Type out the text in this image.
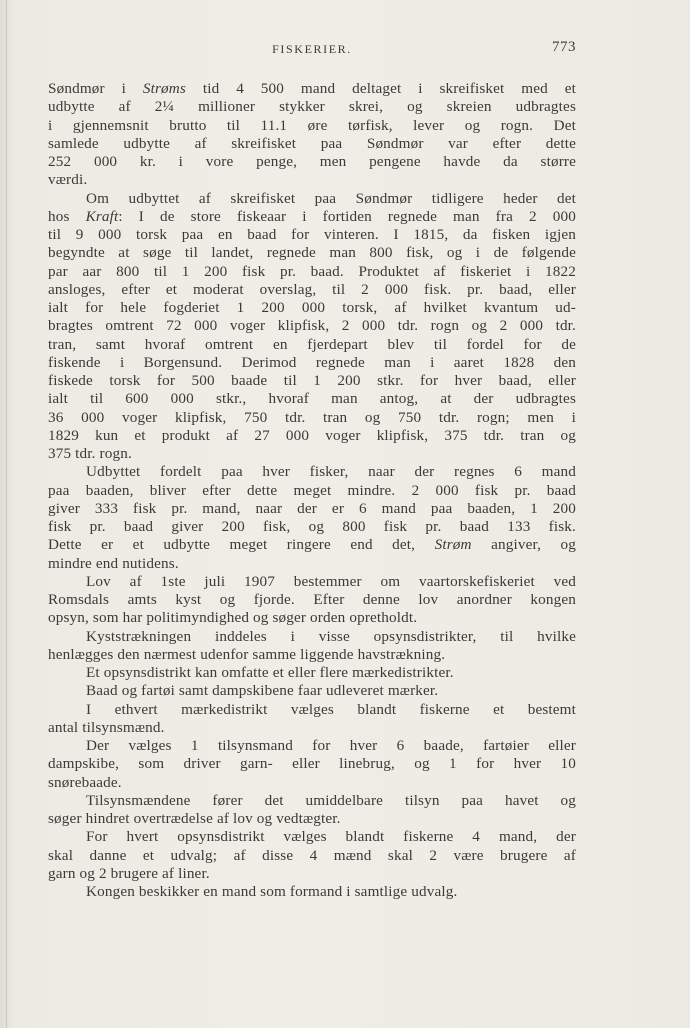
FISKERIER.	773
Søndmør i Strøms tid 4 500 mand deltaget i skreifisket med et
udbytte af 2¼ millioner stykker skrei, og skreien udbragtes
i gjennemsnit brutto til 11.1 øre tørfisk, lever og rogn. Det
samlede udbytte af skreifisket paa Søndmør var efter dette
252 000 kr. i vore penge, men pengene havde da større
værdi.
Om udbyttet af skreifisket paa Søndmør tidligere heder det
hos Kraft: I de store fiskeaar i fortiden regnede man fra 2 000
til 9 000 torsk paa en baad for vinteren. I 1815, da fisken igjen
begyndte at søge til landet, regnede man 800 fisk, og i de følgende
par aar 800 til 1 200 fisk pr. baad. Produktet af fiskeriet i 1822
ansloges, efter et moderat overslag, til 2 000 fisk. pr. baad, eller
ialt for hele fogderiet 1 200 000 torsk, af hvilket kvantum ud-
bragtes omtrent 72 000 voger klipfisk, 2 000 tdr. rogn og 2 000 tdr.
tran, samt hvoraf omtrent en fjerdepart blev til fordel for de
fiskende i Borgensund. Derimod regnede man i aaret 1828 den
fiskede torsk for 500 baade til 1 200 stkr. for hver baad, eller
ialt til 600 000 stkr., hvoraf man antog, at der udbragtes
36 000 voger klipfisk, 750 tdr. tran og 750 tdr. rogn; men i
1829 kun et produkt af 27 000 voger klipfisk, 375 tdr. tran og
375 tdr. rogn.
Udbyttet fordelt paa hver fisker, naar der regnes 6 mand
paa baaden, bliver efter dette meget mindre. 2 000 fisk pr. baad
giver 333 fisk pr. mand, naar der er 6 mand paa baaden, 1 200
fisk pr. baad giver 200 fisk, og 800 fisk pr. baad 133 fisk.
Dette er et udbytte meget ringere end det, Strøm angiver, og
mindre end nutidens.
Lov af 1ste juli 1907 bestemmer om vaartorskefiskeriet ved
Romsdals amts kyst og fjorde. Efter denne lov anordner kongen
opsyn, som har politimyndighed og søger orden opretholdt.
Kyststrækningen inddeles i visse opsynsdistrikter, til hvilke
henlægges den nærmest udenfor samme liggende havstrækning.
Et opsynsdistrikt kan omfatte et eller flere mærkedistrikter.
Baad og fartøi samt dampskibene faar udleveret mærker.
I ethvert mærkedistrikt vælges blandt fiskerne et bestemt
antal tilsynsmænd.
Der vælges 1 tilsynsmand for hver 6 baade, fartøier eller
dampskibe, som driver garn- eller linebrug, og 1 for hver 10
snørebaade.
Tilsynsmændene fører det umiddelbare tilsyn paa havet og
søger hindret overtrædelse af lov og vedtægter.
For hvert opsynsdistrikt vælges blandt fiskerne 4 mand, der
skal danne et udvalg; af disse 4 mænd skal 2 være brugere af
garn og 2 brugere af liner.
Kongen beskikker en mand som formand i samtlige udvalg.
